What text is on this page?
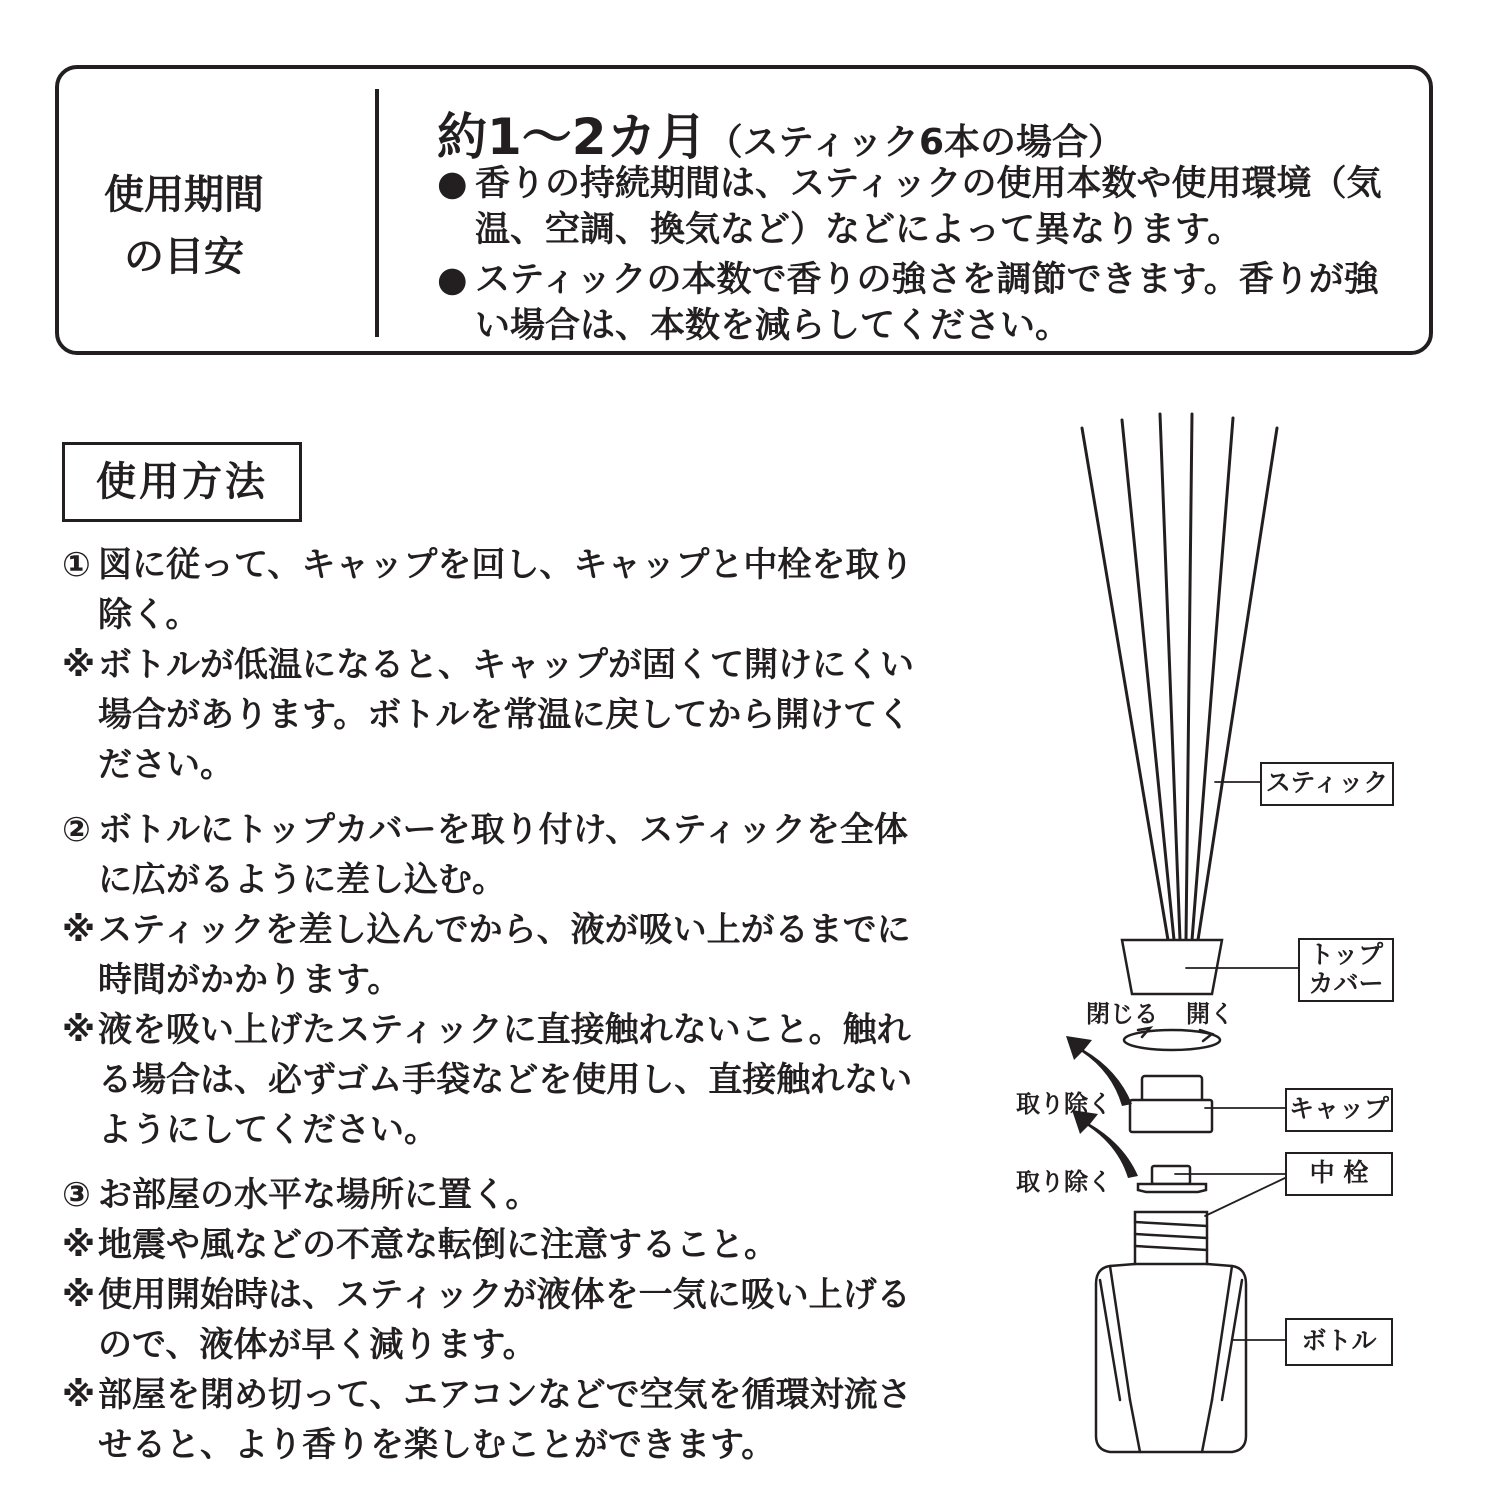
使用期間
の目安
約1〜2カ月（スティック6本の場合）
● 香りの持続期間は、スティックの使用本数や使用環境（気温、空調、換気など）などによって異なります。
● スティックの本数で香りの強さを調節できます。香りが強い場合は、本数を減らしてください。
使用方法
① 図に従って、キャップを回し、キャップと中栓を取り除く。
※ ボトルが低温になると、キャップが固くて開けにくい場合があります。ボトルを常温に戻してから開けてください。
② ボトルにトップカバーを取り付け、スティックを全体に広がるように差し込む。
※ スティックを差し込んでから、液が吸い上がるまでに時間がかかります。
※ 液を吸い上げたスティックに直接触れないこと。触れる場合は、必ずゴム手袋などを使用し、直接触れないようにしてください。
③ お部屋の水平な場所に置く。
※ 地震や風などの不意な転倒に注意すること。
※ 使用開始時は、スティックが液体を一気に吸い上げるので、液体が早く減ります。
※ 部屋を閉め切って、エアコンなどで空気を循環対流させると、より香りを楽しむことができます。
スティック
トップ
カバー
キャップ
中 栓
ボトル
閉じる 開く
取り除く
取り除く
